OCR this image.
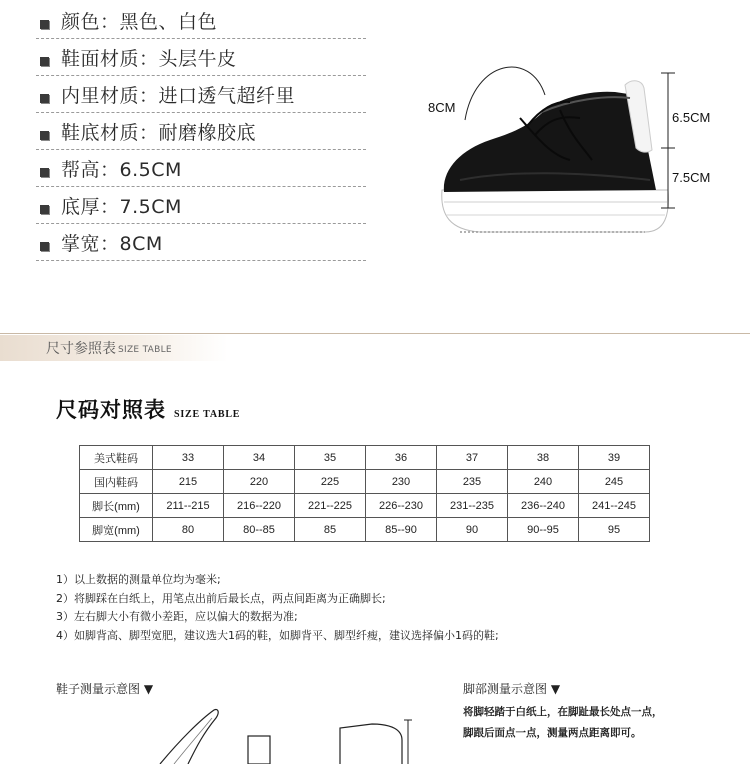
颜色：黑色、白色
鞋面材质：头层牛皮
内里材质：进口透气超纤里
鞋底材质：耐磨橡胶底
帮高：6.5CM
底厚：7.5CM
掌宽：8CM
8CM
6.5CM
7.5CM
尺寸参照表 SIZE TABLE
尺码对照表 SIZE TABLE
美式鞋码	33	34	35	36	37	38	39
国内鞋码	215	220	225	230	235	240	245
脚长(mm)	211--215	216--220	221--225	226--230	231--235	236--240	241--245
脚宽(mm)	80	80--85	85	85--90	90	90--95	95
1）以上数据的测量单位均为毫米;
2）将脚踩在白纸上，用笔点出前后最长点，两点间距离为正确脚长;
3）左右脚大小有微小差距，应以偏大的数据为准;
4）如脚背高、脚型宽肥，建议选大1码的鞋，如脚背平、脚型纤瘦，建议选择偏小1码的鞋;
鞋子测量示意图 ▼	脚部测量示意图 ▼
将脚轻踏于白纸上，在脚趾最长处点一点，
脚跟后面点一点，测量两点距离即可。
